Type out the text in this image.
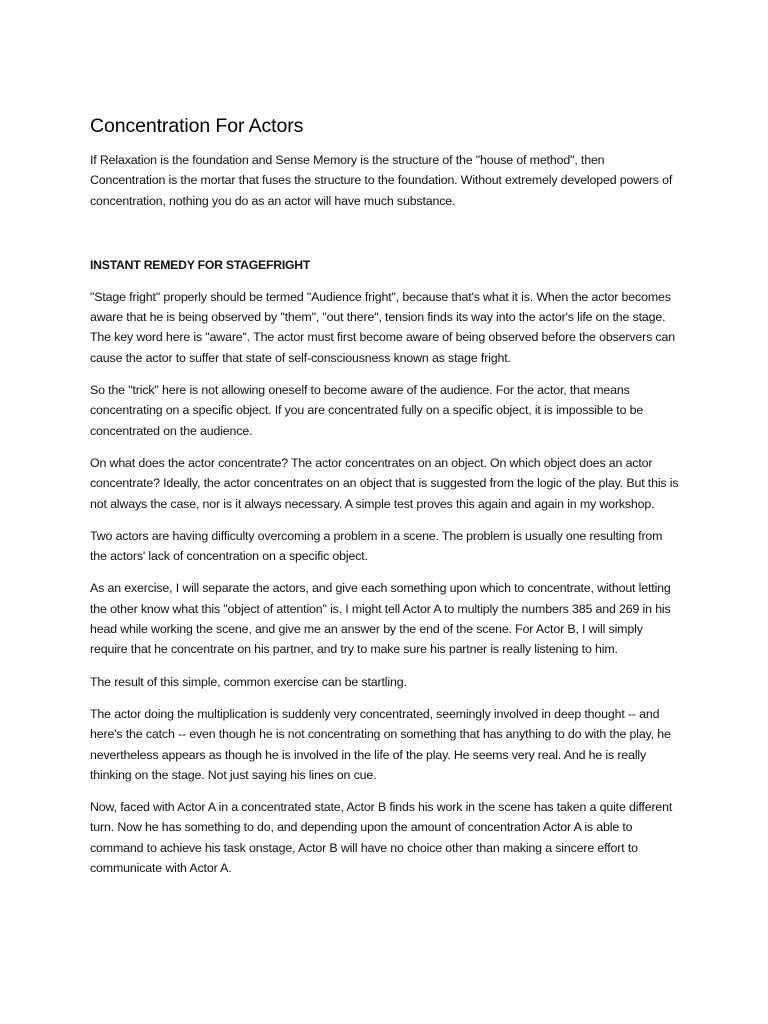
Concentration For Actors

If Relaxation is the foundation and Sense Memory is the structure of the "house of method", then Concentration is the mortar that fuses the structure to the foundation. Without extremely developed powers of concentration, nothing you do as an actor will have much substance.

INSTANT REMEDY FOR STAGEFRIGHT

"Stage fright" properly should be termed "Audience fright", because that's what it is. When the actor becomes aware that he is being observed by "them", "out there", tension finds its way into the actor's life on the stage. The key word here is "aware". The actor must first become aware of being observed before the observers can cause the actor to suffer that state of self-consciousness known as stage fright.

So the "trick" here is not allowing oneself to become aware of the audience. For the actor, that means concentrating on a specific object. If you are concentrated fully on a specific object, it is impossible to be concentrated on the audience.

On what does the actor concentrate? The actor concentrates on an object. On which object does an actor concentrate? Ideally, the actor concentrates on an object that is suggested from the logic of the play. But this is not always the case, nor is it always necessary. A simple test proves this again and again in my workshop.

Two actors are having difficulty overcoming a problem in a scene. The problem is usually one resulting from the actors' lack of concentration on a specific object.

As an exercise, I will separate the actors, and give each something upon which to concentrate, without letting the other know what this "object of attention" is. I might tell Actor A to multiply the numbers 385 and 269 in his head while working the scene, and give me an answer by the end of the scene. For Actor B, I will simply require that he concentrate on his partner, and try to make sure his partner is really listening to him.

The result of this simple, common exercise can be startling.

The actor doing the multiplication is suddenly very concentrated, seemingly involved in deep thought -- and here's the catch -- even though he is not concentrating on something that has anything to do with the play, he nevertheless appears as though he is involved in the life of the play. He seems very real. And he is really thinking on the stage. Not just saying his lines on cue.

Now, faced with Actor A in a concentrated state, Actor B finds his work in the scene has taken a quite different turn. Now he has something to do, and depending upon the amount of concentration Actor A is able to command to achieve his task onstage, Actor B will have no choice other than making a sincere effort to communicate with Actor A.
